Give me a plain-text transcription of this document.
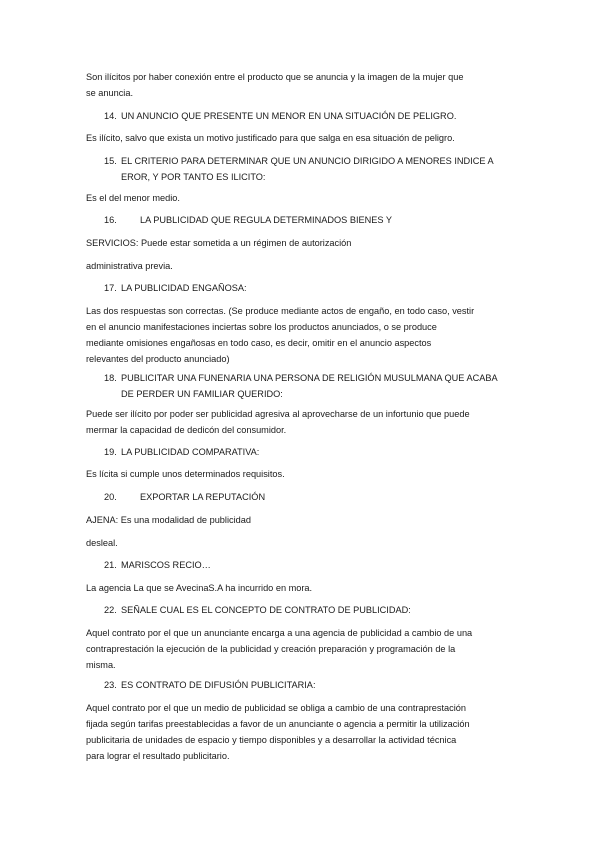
Son ilícitos por haber conexión entre el producto que se anuncia y la imagen de la mujer que
se anuncia.
14. UN ANUNCIO QUE PRESENTE UN MENOR EN UNA SITUACIÓN DE PELIGRO.
Es ilícito, salvo que exista un motivo justificado para que salga en esa situación de peligro.
15. EL CRITERIO PARA DETERMINAR QUE UN ANUNCIO DIRIGIDO A MENORES INDICE A
EROR, Y POR TANTO ES ILICITO:
Es el del menor medio.
16.	LA PUBLICIDAD QUE REGULA DETERMINADOS BIENES Y
SERVICIOS: Puede estar sometida a un régimen de autorización
administrativa previa.
17. LA PUBLICIDAD ENGAÑOSA:
Las dos respuestas son correctas. (Se produce mediante actos de engaño, en todo caso, vestir
en el anuncio manifestaciones inciertas sobre los productos anunciados, o se produce
mediante omisiones engañosas en todo caso, es decir, omitir en el anuncio aspectos
relevantes del producto anunciado)
18. PUBLICITAR UNA FUNENARIA UNA PERSONA DE RELIGIÓN MUSULMANA QUE ACABA
DE PERDER UN FAMILIAR QUERIDO:
Puede ser ilícito por poder ser publicidad agresiva al aprovecharse de un infortunio que puede
mermar la capacidad de dedicón del consumidor.
19. LA PUBLICIDAD COMPARATIVA:
Es lícita si cumple unos determinados requisitos.
20.	EXPORTAR LA REPUTACIÓN
AJENA: Es una modalidad de publicidad
desleal.
21. MARISCOS RECIO…
La agencia La que se AvecinaS.A ha incurrido en mora.
22. SEÑALE CUAL ES EL CONCEPTO DE CONTRATO DE PUBLICIDAD:
Aquel contrato por el que un anunciante encarga a una agencia de publicidad a cambio de una
contraprestación la ejecución de la publicidad y creación preparación y programación de la
misma.
23. ES CONTRATO DE DIFUSIÓN PUBLICITARIA:
Aquel contrato por el que un medio de publicidad se obliga a cambio de una contraprestación
fijada según tarifas preestablecidas a favor de un anunciante o agencia a permitir la utilización
publicitaria de unidades de espacio y tiempo disponibles y a desarrollar la actividad técnica
para lograr el resultado publicitario.
